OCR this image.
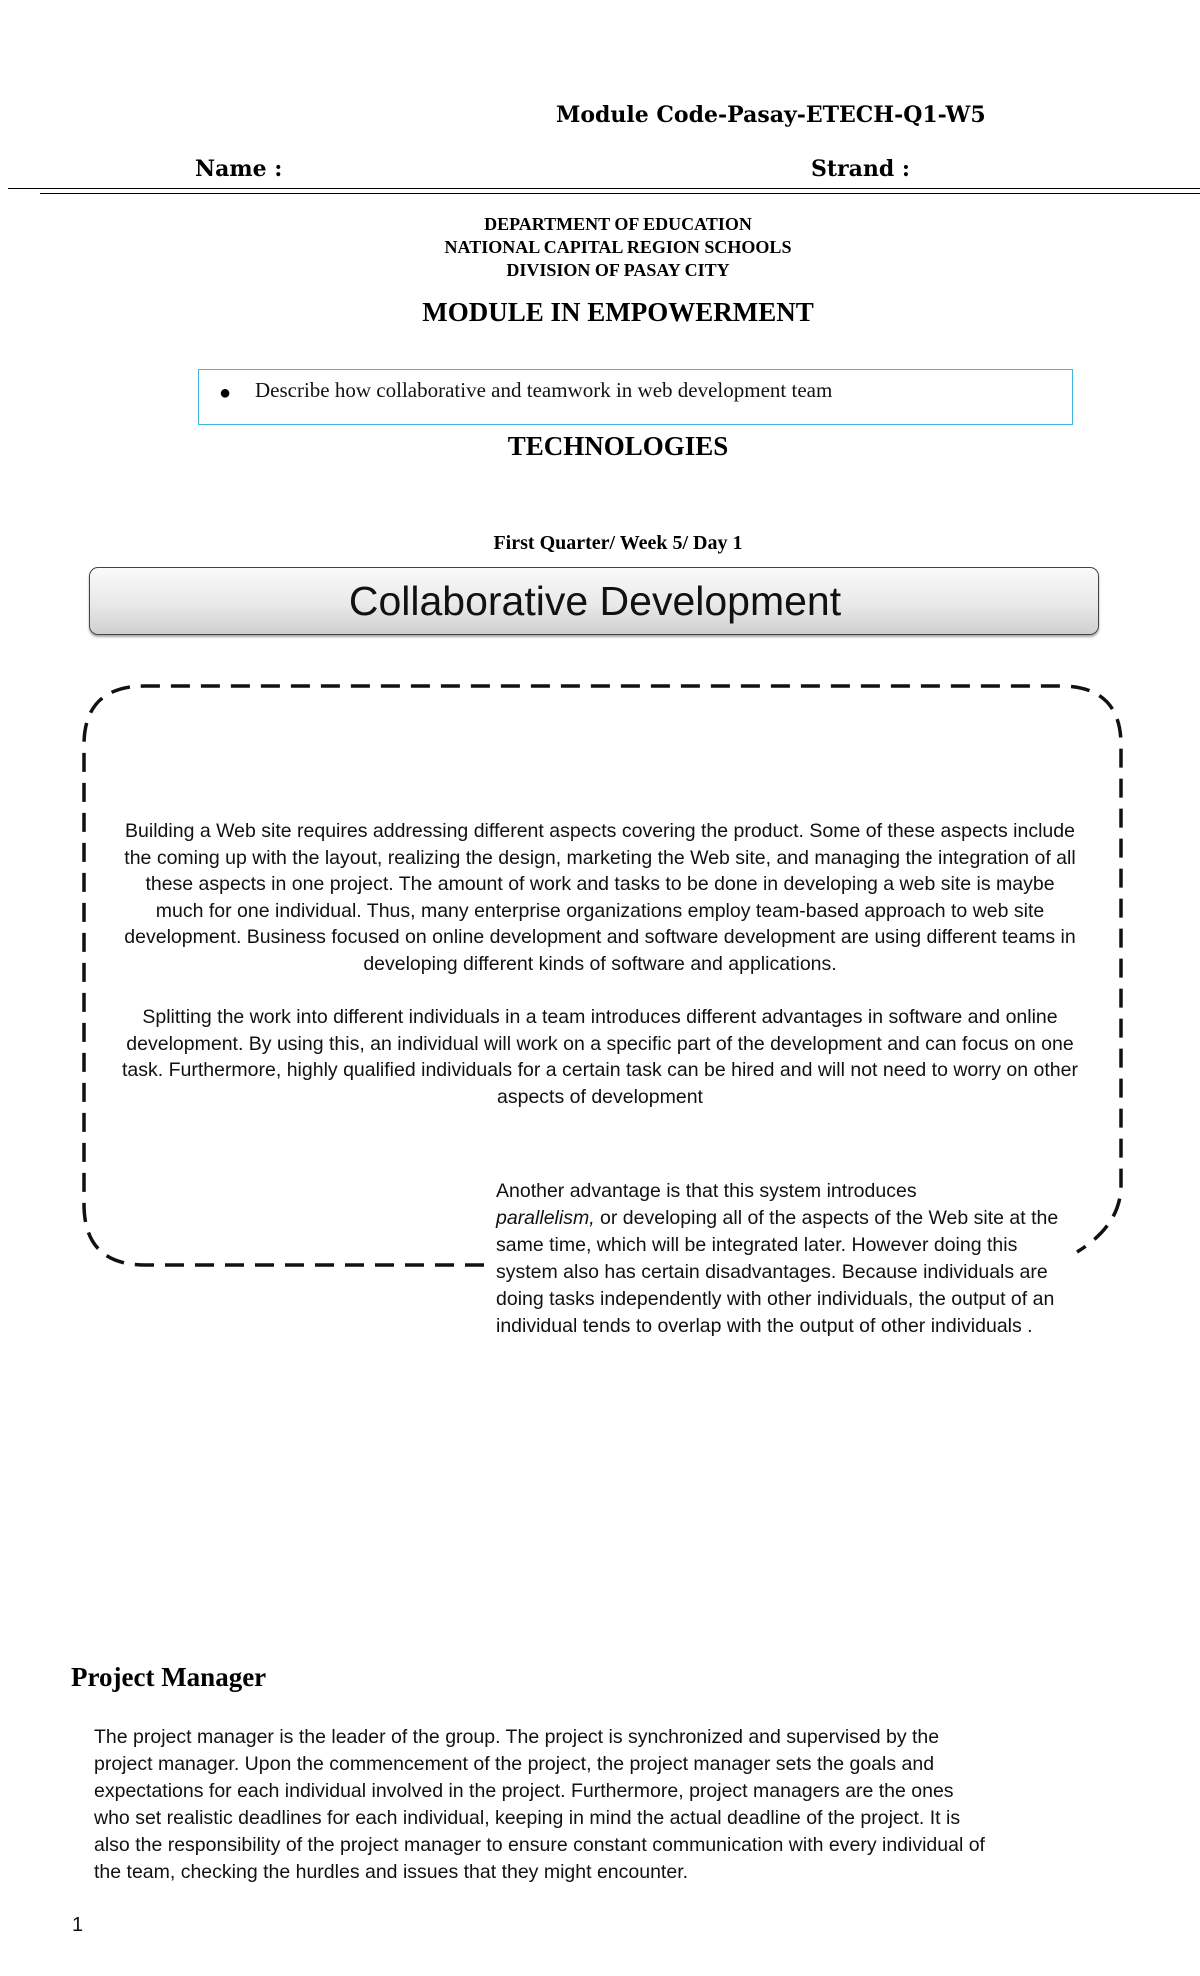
Module Code-Pasay-ETECH-Q1-W5
Name :	Strand :
DEPARTMENT OF EDUCATION
NATIONAL CAPITAL REGION SCHOOLS
DIVISION OF PASAY CITY
MODULE IN EMPOWERMENT
● Describe how collaborative and teamwork in web development team
TECHNOLOGIES
First Quarter/ Week 5/ Day 1
Collaborative Development
Building a Web site requires addressing different aspects covering the product. Some of these aspects include the coming up with the layout, realizing the design, marketing the Web site, and managing the integration of all these aspects in one project. The amount of work and tasks to be done in developing a web site is maybe much for one individual. Thus, many enterprise organizations employ team-based approach to web site development. Business focused on online development and software development are using different teams in developing different kinds of software and applications.
Splitting the work into different individuals in a team introduces different advantages in software and online development. By using this, an individual will work on a specific part of the development and can focus on one task. Furthermore, highly qualified individuals for a certain task can be hired and will not need to worry on other aspects of development
Another advantage is that this system introduces
parallelism, or developing all of the aspects of the Web site at the same time, which will be integrated later. However doing this system also has certain disadvantages. Because individuals are doing tasks independently with other individuals, the output of an individual tends to overlap with the output of other individuals .
Project Manager
The project manager is the leader of the group. The project is synchronized and supervised by the project manager. Upon the commencement of the project, the project manager sets the goals and expectations for each individual involved in the project. Furthermore, project managers are the ones who set realistic deadlines for each individual, keeping in mind the actual deadline of the project. It is also the responsibility of the project manager to ensure constant communication with every individual of the team, checking the hurdles and issues that they might encounter.
1
